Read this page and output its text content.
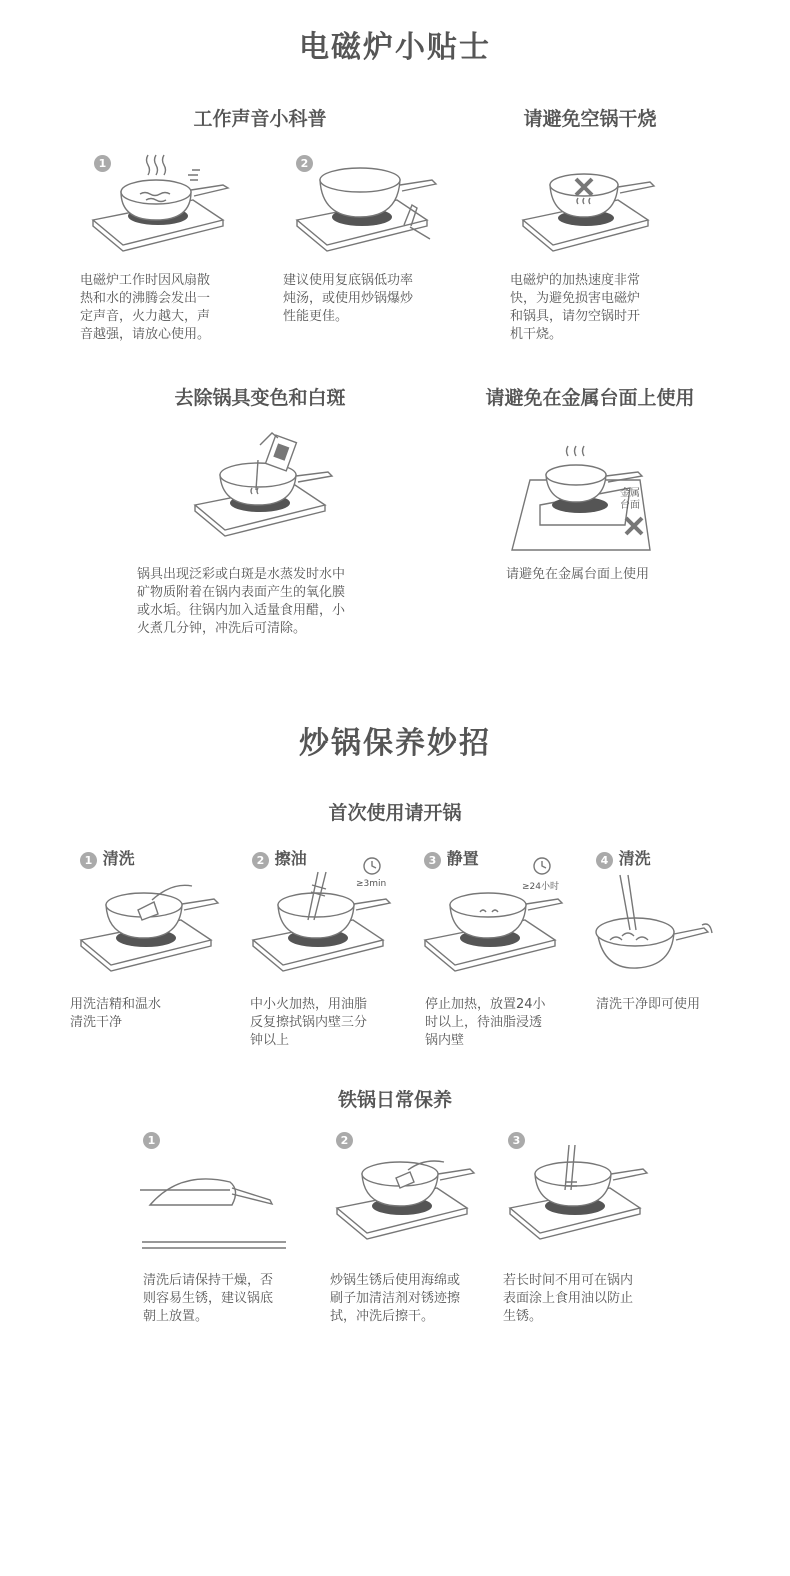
电磁炉小贴士
工作声音小科普	请避免空锅干烧
1	2
电磁炉工作时因风扇散
热和水的沸腾会发出一
定声音，火力越大，声
音越强，请放心使用。
建议使用复底锅低功率
炖汤，或使用炒锅爆炒
性能更佳。
电磁炉的加热速度非常
快，为避免损害电磁炉
和锅具，请勿空锅时开
机干烧。
去除锅具变色和白斑	请避免在金属台面上使用
金属
台面
锅具出现泛彩或白斑是水蒸发时水中
矿物质附着在锅内表面产生的氧化膜
或水垢。往锅内加入适量食用醋，小
火煮几分钟，冲洗后可清除。
请避免在金属台面上使用
炒锅保养妙招
首次使用请开锅
1 清洗	2 擦油	3 静置	4 清洗
≥3min	≥24小时
用洗洁精和温水
清洗干净
中小火加热，用油脂
反复擦拭锅内壁三分
钟以上
停止加热，放置24小
时以上，待油脂浸透
锅内壁
清洗干净即可使用
铁锅日常保养
1	2	3
清洗后请保持干燥，否
则容易生锈，建议锅底
朝上放置。
炒锅生锈后使用海绵或
刷子加清洁剂对锈迹擦
拭，冲洗后擦干。
若长时间不用可在锅内
表面涂上食用油以防止
生锈。
